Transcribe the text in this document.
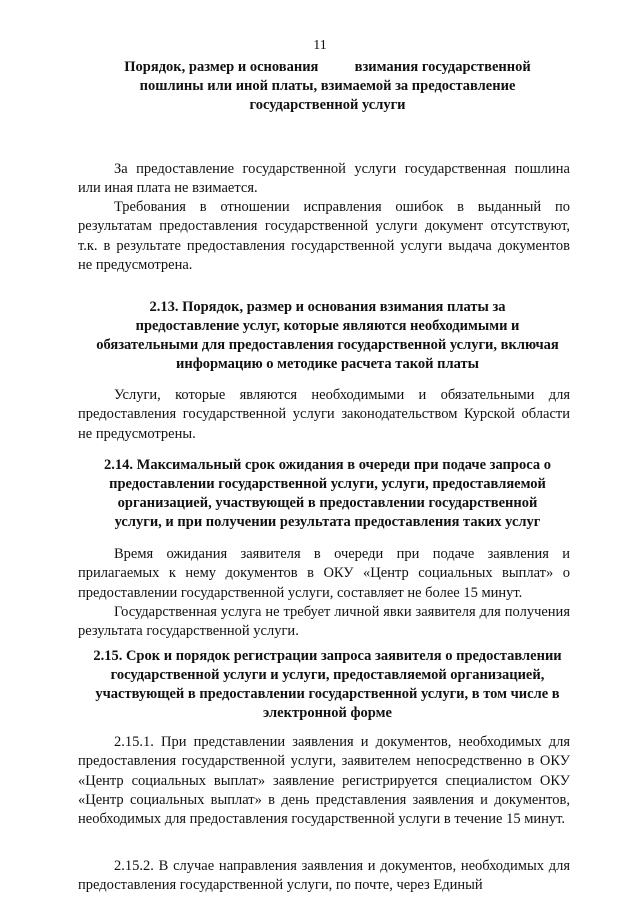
11
Порядок, размер и основания          взимания государственной
пошлины или иной платы, взимаемой за предоставление
государственной услуги
За предоставление государственной услуги государственная пошлина или иная плата не взимается.
Требования в отношении исправления ошибок в выданный по результатам предоставления государственной услуги документ отсутствуют, т.к. в результате предоставления государственной услуги выдача документов не предусмотрена.
2.13. Порядок, размер и основания взимания платы за
предоставление услуг, которые являются необходимыми и
обязательными для предоставления государственной услуги, включая
информацию о методике расчета такой платы
Услуги, которые являются необходимыми и обязательными для предоставления государственной услуги законодательством Курской области не предусмотрены.
2.14. Максимальный срок ожидания в очереди при подаче запроса о
предоставлении государственной услуги, услуги, предоставляемой
организацией, участвующей в предоставлении государственной
услуги, и при получении результата предоставления таких услуг
Время ожидания заявителя в очереди при подаче заявления и прилагаемых к нему документов в ОКУ «Центр социальных выплат» о предоставлении государственной услуги, составляет не более 15 минут.
Государственная услуга не требует личной явки заявителя для получения результата государственной услуги.
2.15. Срок и порядок регистрации запроса заявителя о предоставлении
государственной услуги и услуги, предоставляемой организацией,
участвующей в предоставлении государственной услуги, в том числе в
электронной форме
2.15.1. При представлении заявления и документов, необходимых для предоставления государственной услуги, заявителем непосредственно в ОКУ «Центр социальных выплат» заявление регистрируется специалистом ОКУ «Центр социальных выплат» в день представления заявления и документов, необходимых для предоставления государственной услуги в течение 15 минут.
2.15.2. В случае направления заявления и документов, необходимых для предоставления государственной услуги, по почте, через Единый
